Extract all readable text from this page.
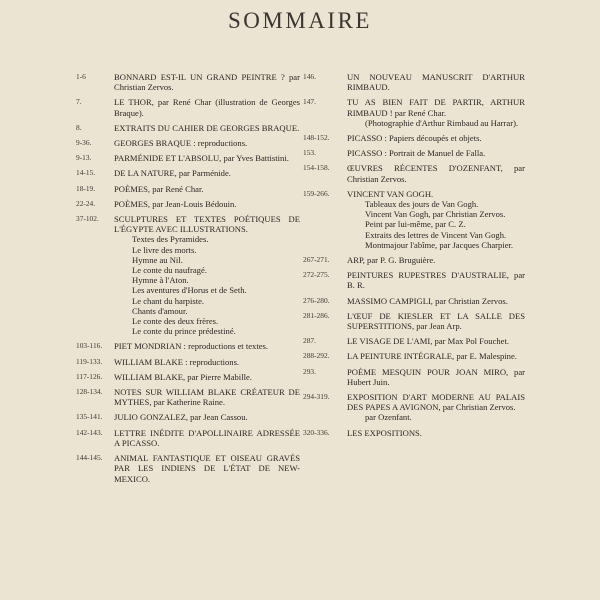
SOMMAIRE
1-6	BONNARD EST-IL UN GRAND PEINTRE ? par Christian Zervos.
7.	LE THOR, par René Char (illustration de Georges Braque).
8.	EXTRAITS DU CAHIER DE GEORGES BRAQUE.
9-36.	GEORGES BRAQUE : reproductions.
9-13.	PARMÉNIDE ET L'ABSOLU, par Yves Battistini.
14-15.	DE LA NATURE, par Parménide.
18-19.	POÈMES, par René Char.
22-24.	POÈMES, par Jean-Louis Bédouin.
37-102.	SCULPTURES ET TEXTES POÉTIQUES DE L'ÉGYPTE AVEC ILLUSTRATIONS.
Textes des Pyramides.
Le livre des morts.
Hymne au Nil.
Le conte du naufragé.
Hymne à l'Aton.
Les aventures d'Horus et de Seth.
Le chant du harpiste.
Chants d'amour.
Le conte des deux frères.
Le conte du prince prédestiné.
103-116.	PIET MONDRIAN : reproductions et textes.
119-133.	WILLIAM BLAKE : reproductions.
117-126.	WILLIAM BLAKE, par Pierre Mabille.
128-134.	NOTES SUR WILLIAM BLAKE CRÉATEUR DE MYTHES, par Katherine Raine.
135-141.	JULIO GONZALEZ, par Jean Cassou.
142-143.	LETTRE INÉDITE D'APOLLINAIRE ADRESSÉE A PICASSO.
144-145.	ANIMAL FANTASTIQUE ET OISEAU GRAVÉS PAR LES INDIENS DE L'ÉTAT DE NEW-MEXICO.
146.	UN NOUVEAU MANUSCRIT D'ARTHUR RIMBAUD.
147.	TU AS BIEN FAIT DE PARTIR, ARTHUR RIMBAUD ! par René Char.
(Photographie d'Arthur Rimbaud au Harrar).
148-152.	PICASSO : Papiers découpés et objets.
153.	PICASSO : Portrait de Manuel de Falla.
154-158.	ŒUVRES RÉCENTES D'OZENFANT, par Christian Zervos.
159-266.	VINCENT VAN GOGH.
Tableaux des jours de Van Gogh.
Vincent Van Gogh, par Christian Zervos.
Peint par lui-même, par C. Z.
Extraits des lettres de Vincent Van Gogh.
Montmajour l'abîme, par Jacques Charpier.
267-271.	ARP, par P. G. Bruguière.
272-275.	PEINTURES RUPESTRES D'AUSTRALIE, par B. R.
276-280.	MASSIMO CAMPIGLI, par Christian Zervos.
281-286.	L'ŒUF DE KIESLER ET LA SALLE DES SUPERSTITIONS, par Jean Arp.
287.	LE VISAGE DE L'AMI, par Max Pol Fouchet.
288-292.	LA PEINTURE INTÉGRALE, par E. Malespine.
293.	POÈME MESQUIN POUR JOAN MIRO, par Hubert Juin.
294-319.	EXPOSITION D'ART MODERNE AU PALAIS DES PAPES A AVIGNON, par Christian Zervos.
par Ozenfant.
320-336.	LES EXPOSITIONS.
